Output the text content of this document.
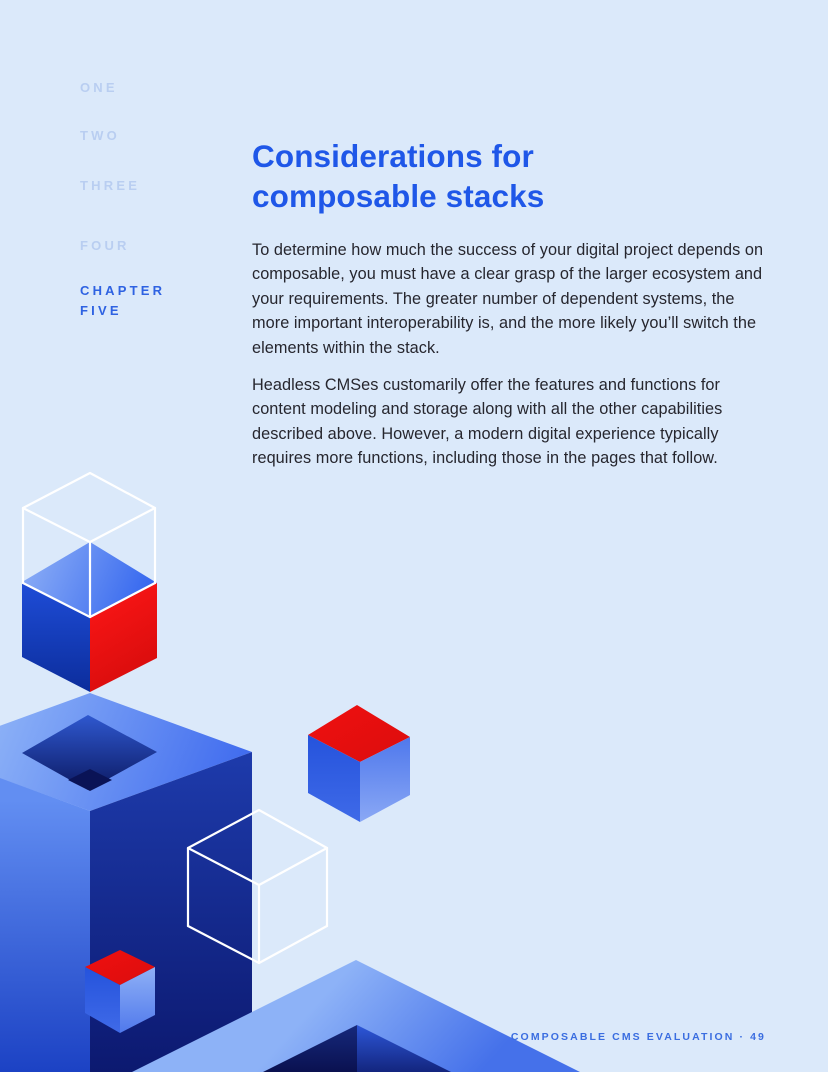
ONE
TWO
THREE
FOUR
CHAPTER FIVE
Considerations for
composable stacks

To determine how much the success of your digital project depends on composable, you must have a clear grasp of the larger ecosystem and your requirements. The greater number of dependent systems, the more important interoperability is, and the more likely you’ll switch the elements within the stack.

Headless CMSes customarily offer the features and functions for content modeling and storage along with all the other capabilities described above. However, a modern digital experience typically requires more functions, including those in the pages that follow.

COMPOSABLE CMS EVALUATION · 49
